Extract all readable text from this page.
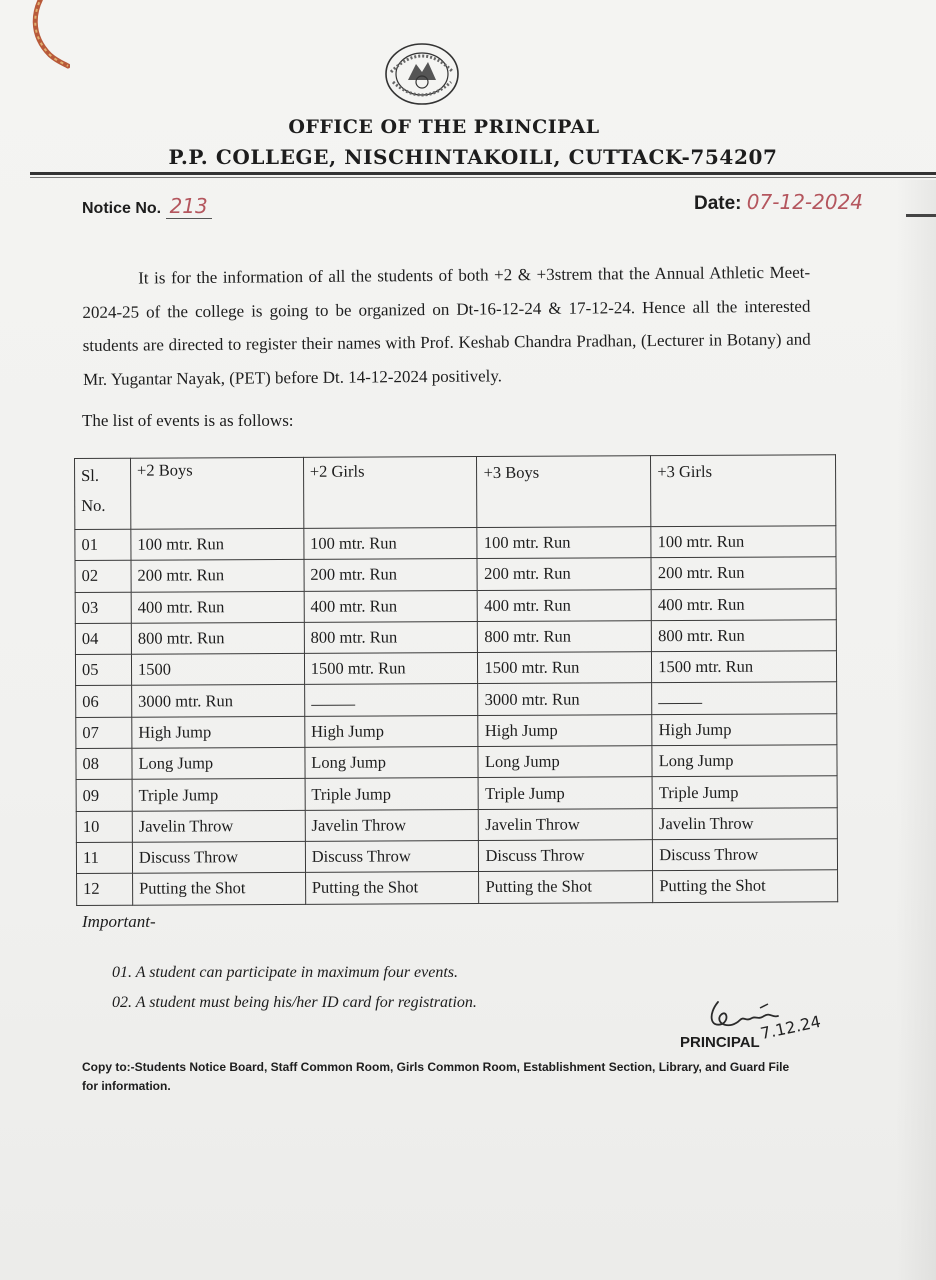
OFFICE OF THE PRINCIPAL
P.P. COLLEGE, NISCHINTAKOILI, CUTTACK-754207
Notice No. 213	Date: 07-12-2024
It is for the information of all the students of both +2 & +3strem that the Annual Athletic Meet-2024-25 of the college is going to be organized on Dt-16-12-24 & 17-12-24. Hence all the interested students are directed to register their names with Prof. Keshab Chandra Pradhan, (Lecturer in Botany) and Mr. Yugantar Nayak, (PET) before Dt. 14-12-2024 positively.
The list of events is as follows:
Sl. No.	+2 Boys	+2 Girls	+3 Boys	+3 Girls
01	100 mtr. Run	100 mtr. Run	100 mtr. Run	100 mtr. Run
02	200 mtr. Run	200 mtr. Run	200 mtr. Run	200 mtr. Run
03	400 mtr. Run	400 mtr. Run	400 mtr. Run	400 mtr. Run
04	800 mtr. Run	800 mtr. Run	800 mtr. Run	800 mtr. Run
05	1500	1500 mtr. Run	1500 mtr. Run	1500 mtr. Run
06	3000 mtr. Run		3000 mtr. Run	
07	High Jump	High Jump	High Jump	High Jump
08	Long Jump	Long Jump	Long Jump	Long Jump
09	Triple Jump	Triple Jump	Triple Jump	Triple Jump
10	Javelin Throw	Javelin Throw	Javelin Throw	Javelin Throw
11	Discuss Throw	Discuss Throw	Discuss Throw	Discuss Throw
12	Putting the Shot	Putting the Shot	Putting the Shot	Putting the Shot
Important-
01. A student can participate in maximum four events.
02. A student must being his/her ID card for registration.
PRINCIPAL
7.12.24
Copy to:-Students Notice Board, Staff Common Room, Girls Common Room, Establishment Section, Library, and Guard File for information.
